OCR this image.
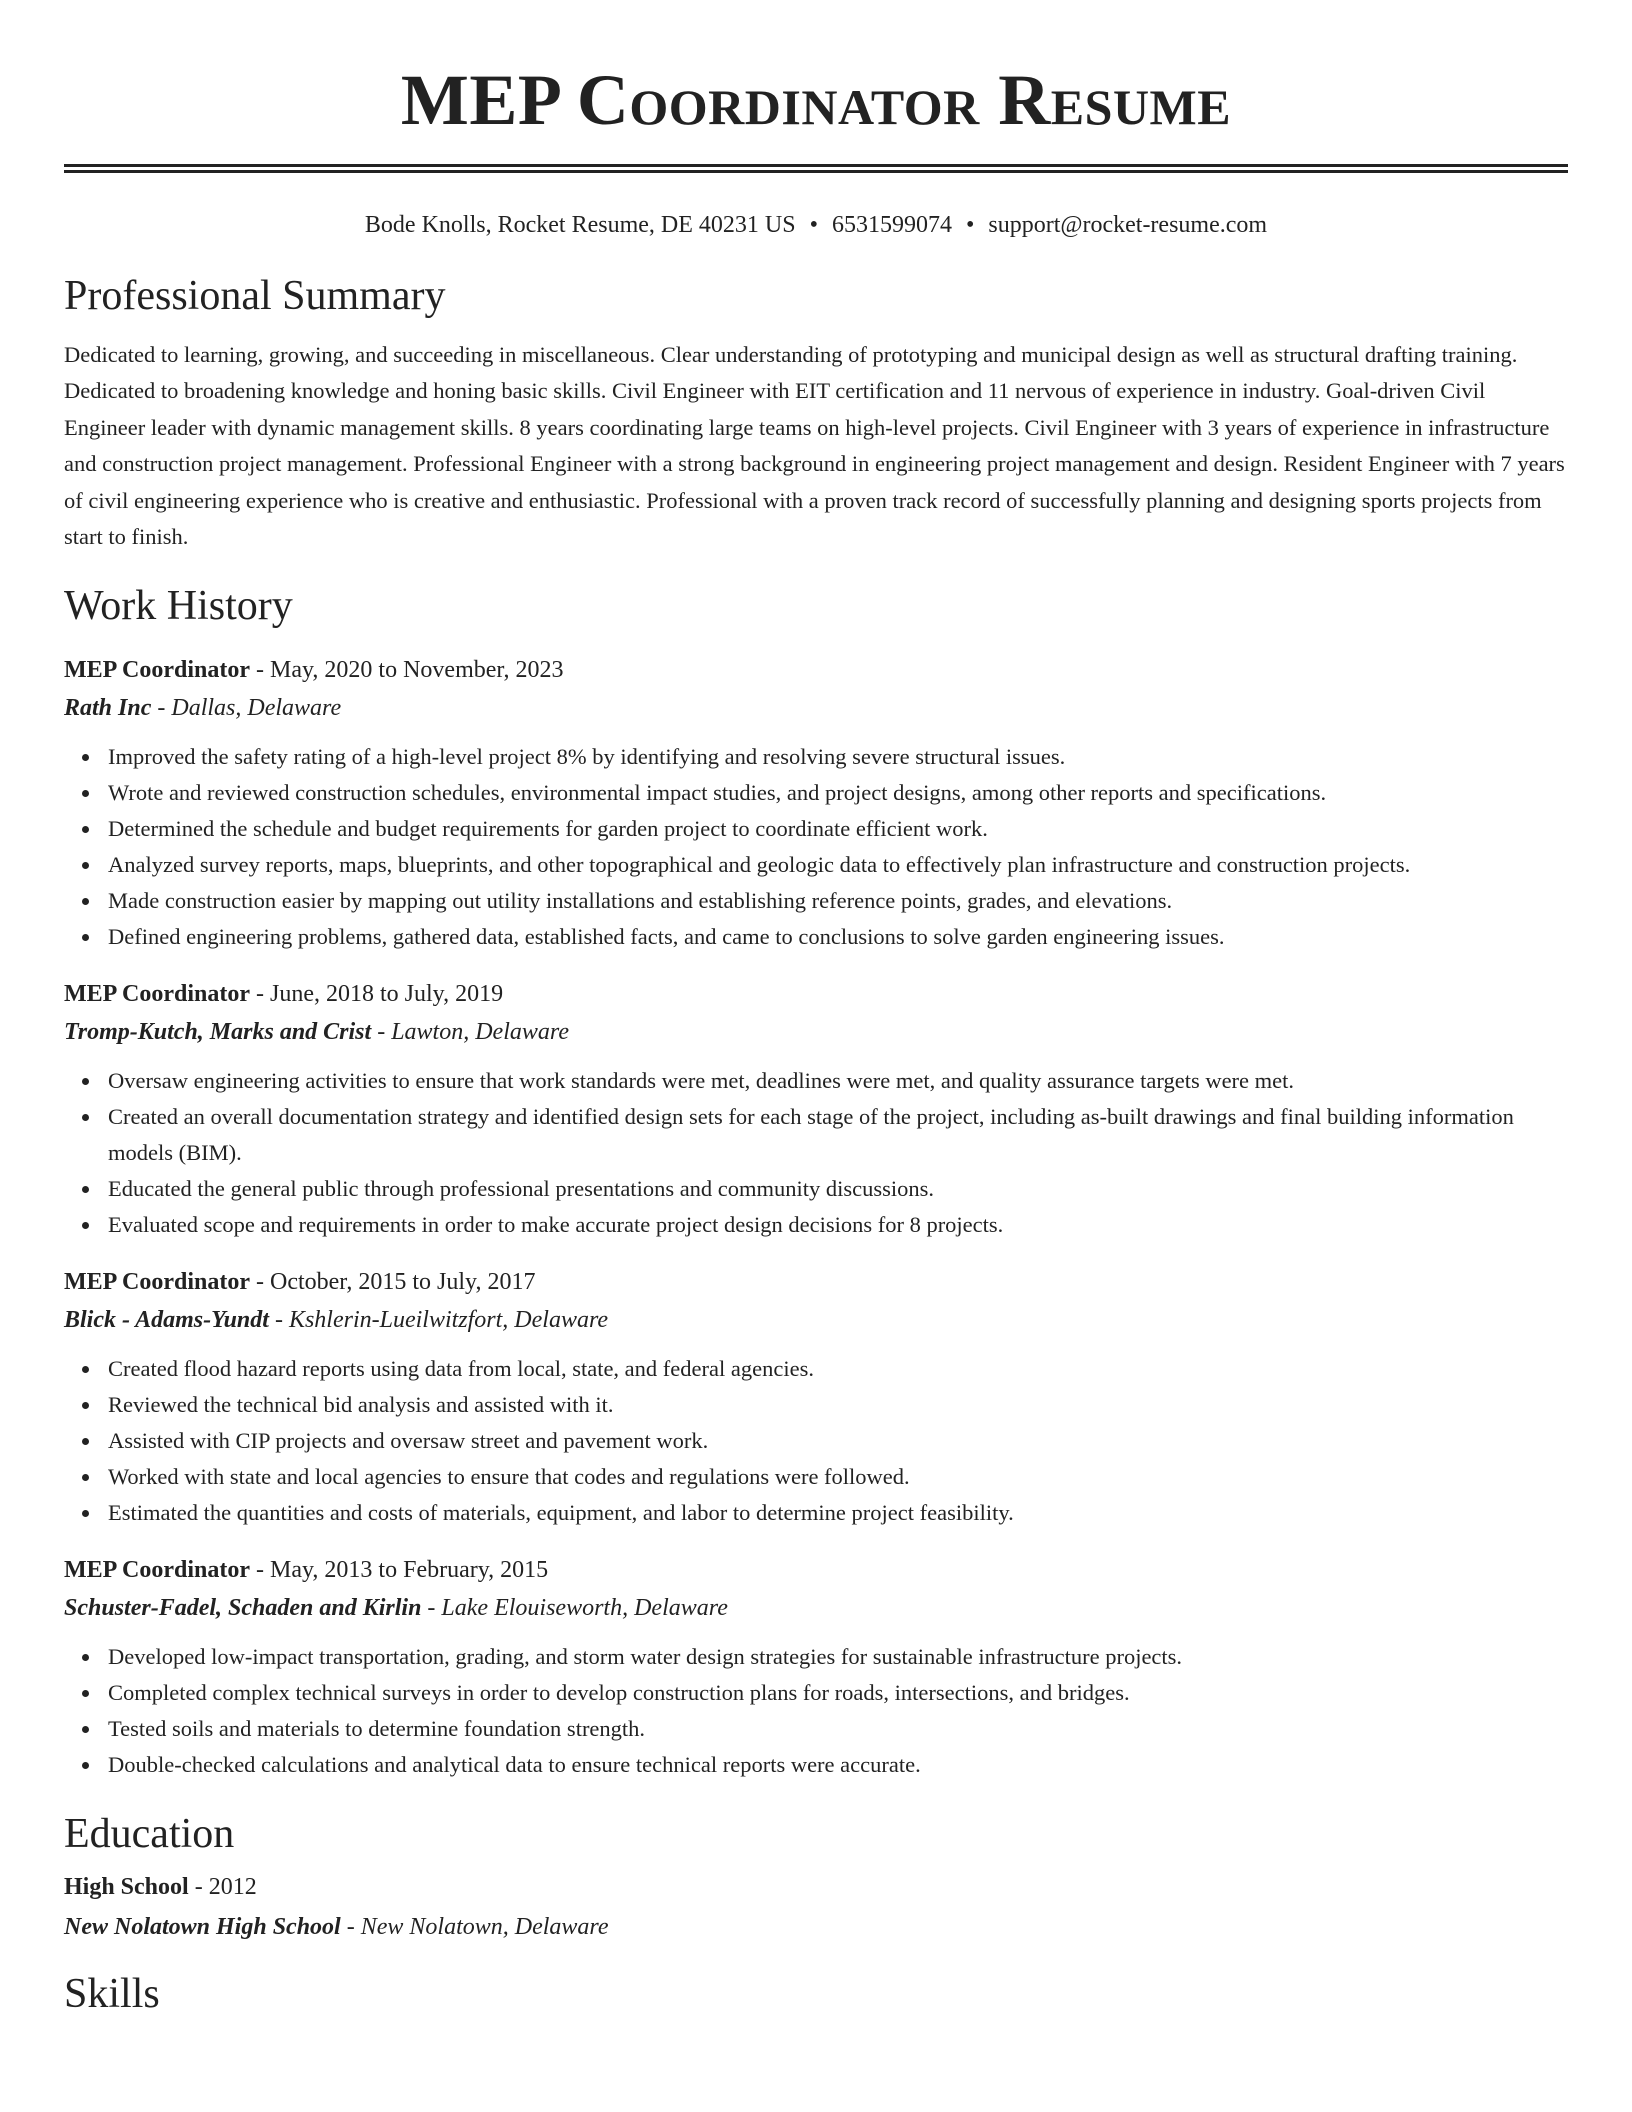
MEP Coordinator Resume
Bode Knolls, Rocket Resume, DE 40231 US • 6531599074 • support@rocket-resume.com
Professional Summary
Dedicated to learning, growing, and succeeding in miscellaneous. Clear understanding of prototyping and municipal design as well as structural drafting training. Dedicated to broadening knowledge and honing basic skills. Civil Engineer with EIT certification and 11 nervous of experience in industry. Goal-driven Civil Engineer leader with dynamic management skills. 8 years coordinating large teams on high-level projects. Civil Engineer with 3 years of experience in infrastructure and construction project management. Professional Engineer with a strong background in engineering project management and design. Resident Engineer with 7 years of civil engineering experience who is creative and enthusiastic. Professional with a proven track record of successfully planning and designing sports projects from start to finish.
Work History
MEP Coordinator - May, 2020 to November, 2023
Rath Inc - Dallas, Delaware
Improved the safety rating of a high-level project 8% by identifying and resolving severe structural issues.
Wrote and reviewed construction schedules, environmental impact studies, and project designs, among other reports and specifications.
Determined the schedule and budget requirements for garden project to coordinate efficient work.
Analyzed survey reports, maps, blueprints, and other topographical and geologic data to effectively plan infrastructure and construction projects.
Made construction easier by mapping out utility installations and establishing reference points, grades, and elevations.
Defined engineering problems, gathered data, established facts, and came to conclusions to solve garden engineering issues.
MEP Coordinator - June, 2018 to July, 2019
Tromp-Kutch, Marks and Crist - Lawton, Delaware
Oversaw engineering activities to ensure that work standards were met, deadlines were met, and quality assurance targets were met.
Created an overall documentation strategy and identified design sets for each stage of the project, including as-built drawings and final building information models (BIM).
Educated the general public through professional presentations and community discussions.
Evaluated scope and requirements in order to make accurate project design decisions for 8 projects.
MEP Coordinator - October, 2015 to July, 2017
Blick - Adams-Yundt - Kshlerin-Lueilwitzfort, Delaware
Created flood hazard reports using data from local, state, and federal agencies.
Reviewed the technical bid analysis and assisted with it.
Assisted with CIP projects and oversaw street and pavement work.
Worked with state and local agencies to ensure that codes and regulations were followed.
Estimated the quantities and costs of materials, equipment, and labor to determine project feasibility.
MEP Coordinator - May, 2013 to February, 2015
Schuster-Fadel, Schaden and Kirlin - Lake Elouiseworth, Delaware
Developed low-impact transportation, grading, and storm water design strategies for sustainable infrastructure projects.
Completed complex technical surveys in order to develop construction plans for roads, intersections, and bridges.
Tested soils and materials to determine foundation strength.
Double-checked calculations and analytical data to ensure technical reports were accurate.
Education
High School - 2012
New Nolatown High School - New Nolatown, Delaware
Skills
